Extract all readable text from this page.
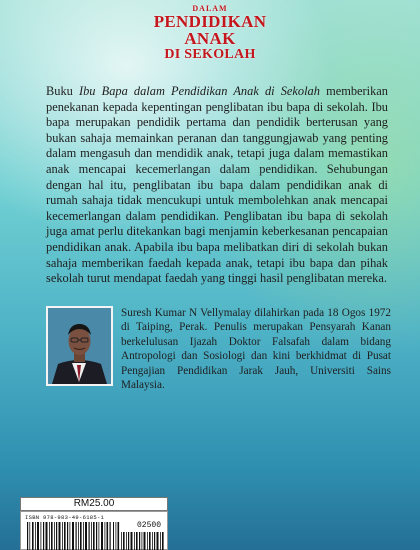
DALAM
PENDIDIKAN
ANAK
DI SEKOLAH

Buku Ibu Bapa dalam Pendidikan Anak di Sekolah memberikan penekanan kepada kepentingan penglibatan ibu bapa di sekolah. Ibu bapa merupakan pendidik pertama dan pendidik berterusan yang bukan sahaja memainkan peranan dan tanggungjawab yang penting dalam mengasuh dan mendidik anak, tetapi juga dalam memastikan anak mencapai kecemerlangan dalam pendidikan. Sehubungan dengan hal itu, penglibatan ibu bapa dalam pendidikan anak di rumah sahaja tidak mencukupi untuk membolehkan anak mencapai kecemerlangan dalam pendidikan. Penglibatan ibu bapa di sekolah juga amat perlu ditekankan bagi menjamin keberkesanan pencapaian pendidikan anak. Apabila ibu bapa melibatkan diri di sekolah bukan sahaja memberikan faedah kepada anak, tetapi ibu bapa dan pihak sekolah turut mendapat faedah yang tinggi hasil penglibatan mereka.

Suresh Kumar N Vellymalay dilahirkan pada 18 Ogos 1972 di Taiping, Perak. Penulis merupakan Pensyarah Kanan berkelulusan Ijazah Doktor Falsafah dalam bidang Antropologi dan Sosiologi dan kini berkhidmat di Pusat Pengajian Pendidikan Jarak Jauh, Universiti Sains Malaysia.
RM25.00
ISBN 978-983-49-6185-1
02500
